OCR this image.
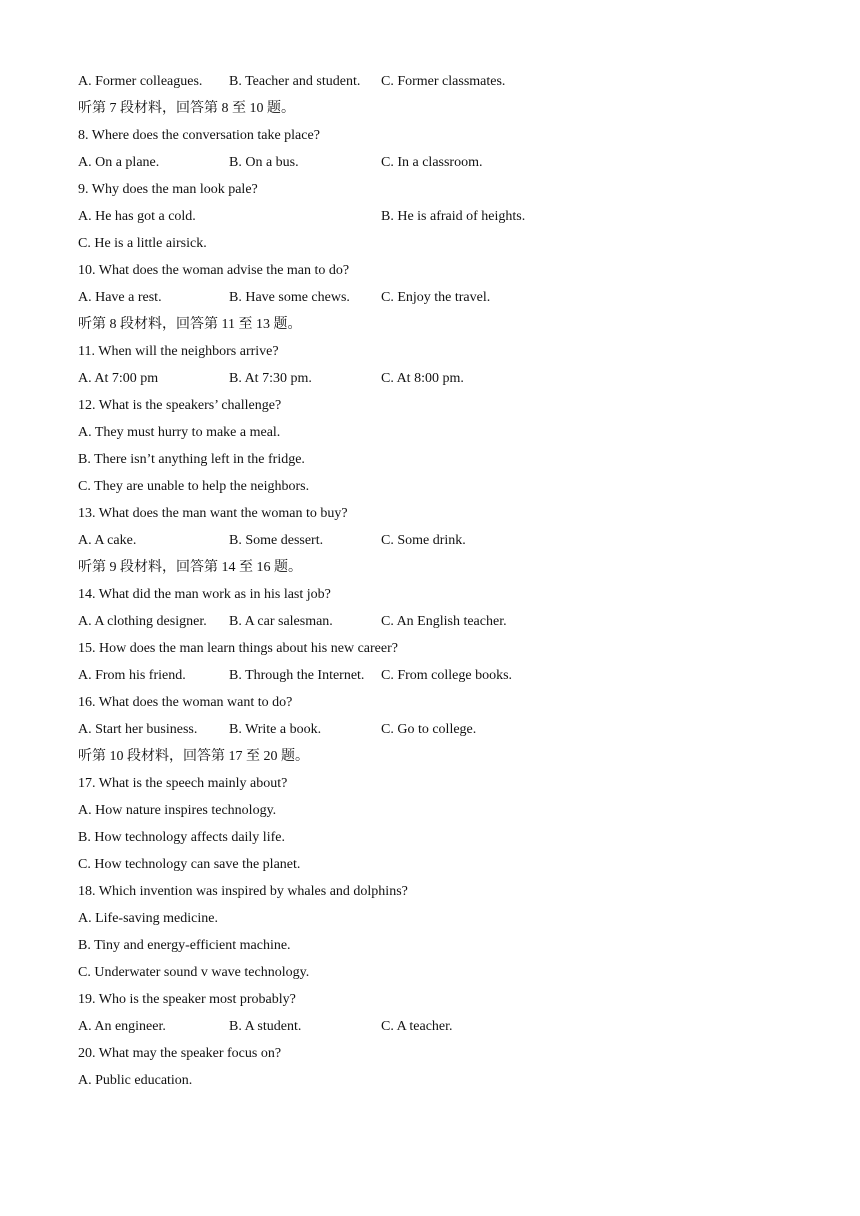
A. Former colleagues. B. Teacher and student. C. Former classmates.
听第 7 段材料，回答第 8 至 10 题。
8. Where does the conversation take place?
A. On a plane.	B. On a bus.	C. In a classroom.
9. Why does the man look pale?
A. He has got a cold.	B. He is afraid of heights.
C. He is a little airsick.
10. What does the woman advise the man to do?
A. Have a rest.	B. Have some chews. C. Enjoy the travel.
听第 8 段材料，回答第 11 至 13 题。
11. When will the neighbors arrive?
A. At 7:00 pm	B. At 7:30 pm.	C. At 8:00 pm.
12. What is the speakers’ challenge?
A. They must hurry to make a meal.
B. There isn’t anything left in the fridge.
C. They are unable to help the neighbors.
13. What does the man want the woman to buy?
A. A cake.	B. Some dessert.	C. Some drink.
听第 9 段材料，回答第 14 至 16 题。
14. What did the man work as in his last job?
A. A clothing designer. B. A car salesman.	C. An English teacher.
15. How does the man learn things about his new career?
A. From his friend.	B. Through the Internet. C. From college books.
16. What does the woman want to do?
A. Start her business. B. Write a book.	C. Go to college.
听第 10 段材料，回答第 17 至 20 题。
17. What is the speech mainly about?
A. How nature inspires technology.
B. How technology affects daily life.
C. How technology can save the planet.
18. Which invention was inspired by whales and dolphins?
A. Life-saving medicine.
B. Tiny and energy-efficient machine.
C. Underwater sound v wave technology.
19. Who is the speaker most probably?
A. An engineer.	B. A student.	C. A teacher.
20. What may the speaker focus on?
A. Public education.
